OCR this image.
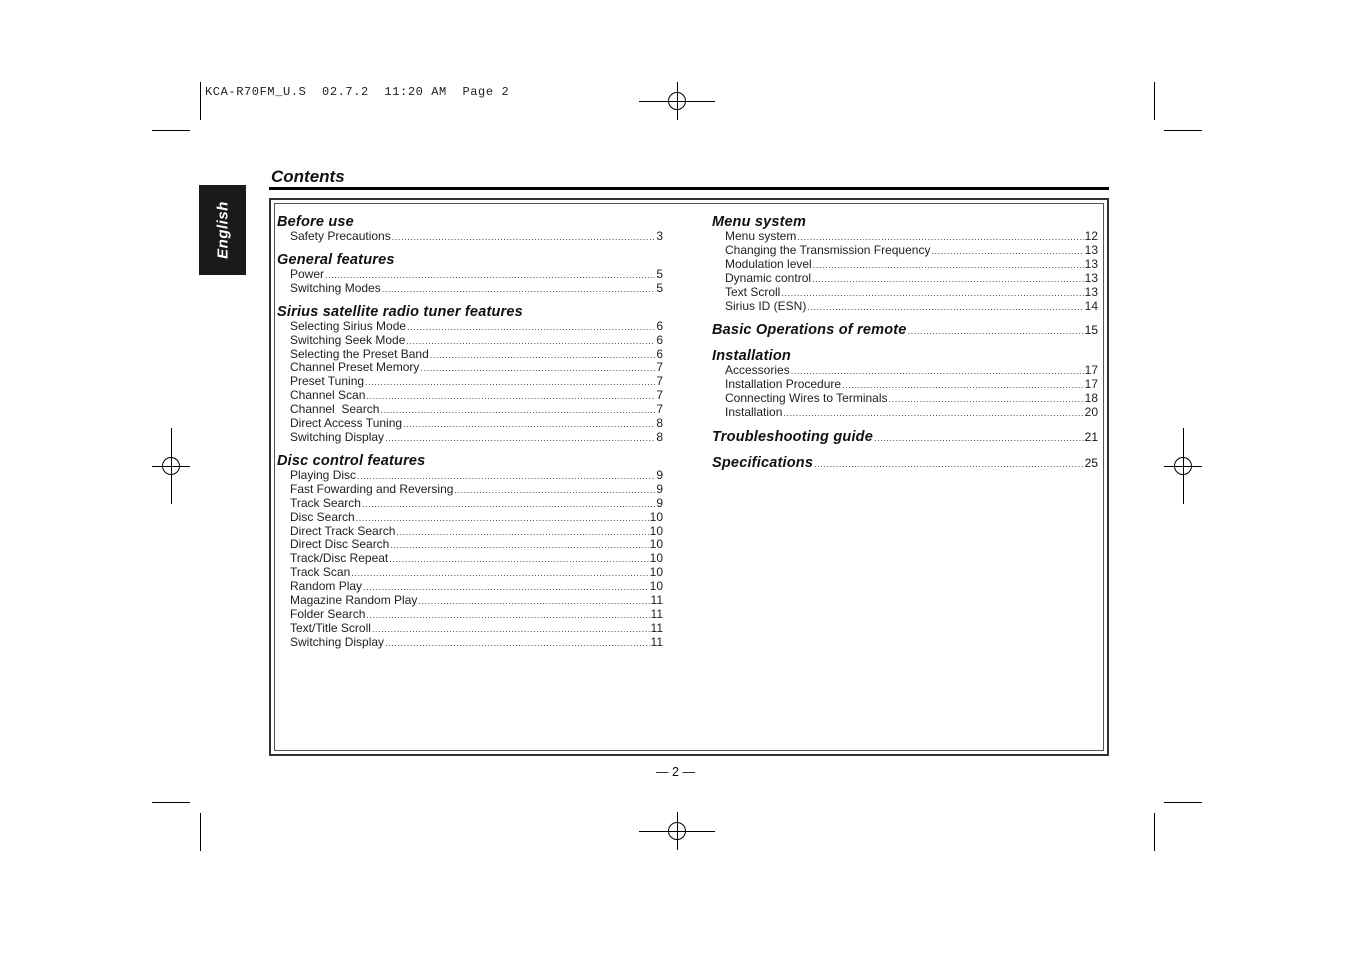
KCA-R70FM_U.S  02.7.2  11:20 AM  Page 2
English
Contents
Before use
Safety Precautions .....	3
General features
Power .....	5
Switching Modes .....	5
Sirius satellite radio tuner features
Selecting Sirius Mode .....	6
Switching Seek Mode .....	6
Selecting the Preset Band .....	6
Channel Preset Memory .....	7
Preset Tuning .....	7
Channel Scan .....	7
Channel  Search .....	7
Direct Access Tuning .....	8
Switching Display .....	8
Disc control features
Playing Disc .....	9
Fast Fowarding and Reversing .....	9
Track Search .....	9
Disc Search .....	10
Direct Track Search .....	10
Direct Disc Search .....	10
Track/Disc Repeat .....	10
Track Scan .....	10
Random Play .....	10
Magazine Random Play .....	11
Folder Search .....	11
Text/Title Scroll .....	11
Switching Display .....	11
Menu system
Menu system .....	12
Changing the Transmission Frequency .....	13
Modulation level .....	13
Dynamic control .....	13
Text Scroll .....	13
Sirius ID (ESN) .....	14
Basic Operations of remote .....	15
Installation
Accessories .....	17
Installation Procedure .....	17
Connecting Wires to Terminals .....	18
Installation .....	20
Troubleshooting guide .....	21
Specifications .....	25
— 2 —
